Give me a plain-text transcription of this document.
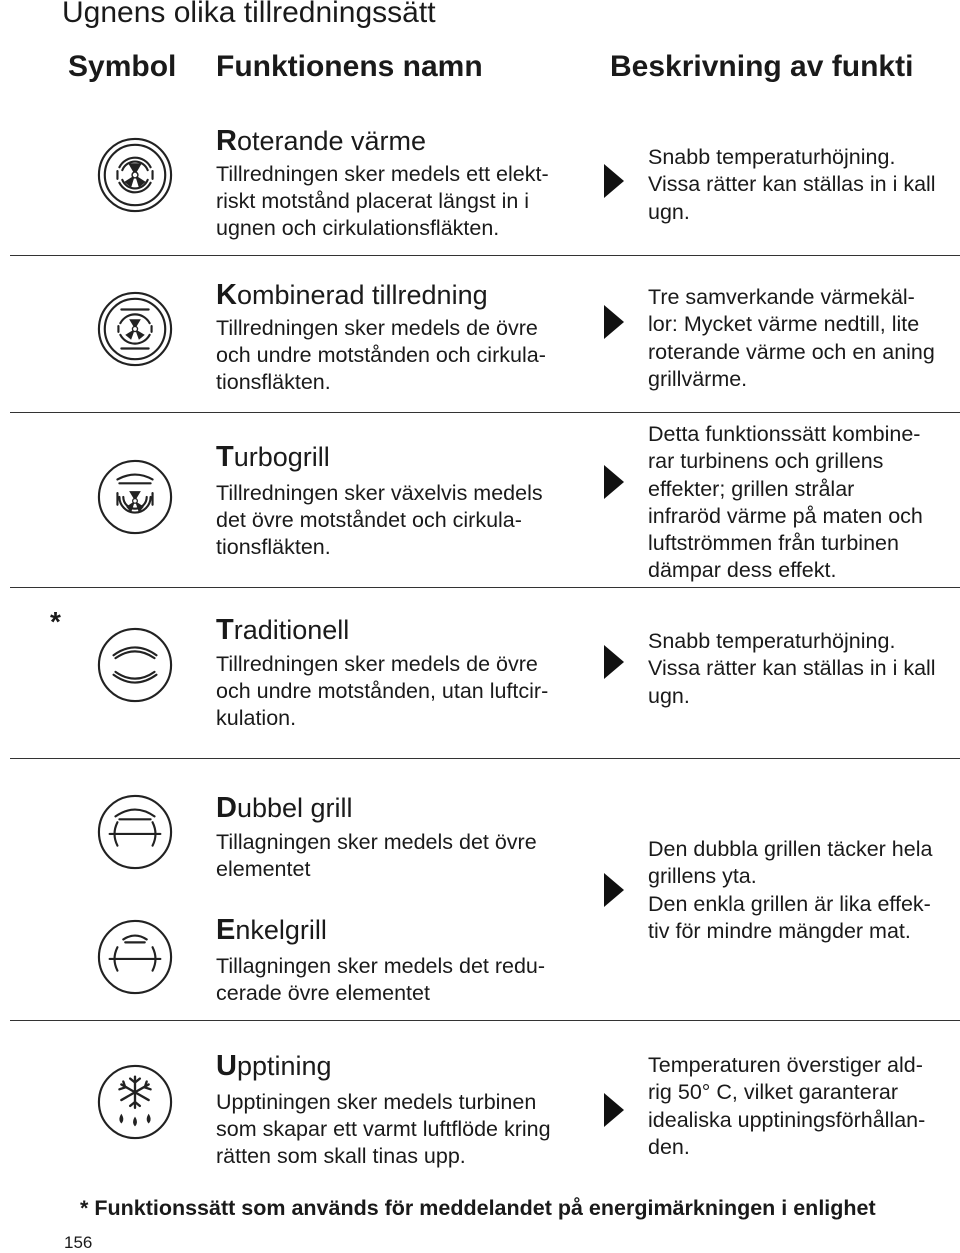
Ugnens olika tillredningssätt
Symbol Funktionens namn	Beskrivning av funkti
Roterande värme
Tillredningen sker medels ett elekt-
riskt motstånd placerat längst in i
ugnen och cirkulationsfläkten.
Snabb temperaturhöjning.
Vissa rätter kan ställas in i kall
ugn.
Kombinerad tillredning
Tillredningen sker medels de övre
och undre motstånden och cirkula-
tionsfläkten.
Tre samverkande värmekäl-
lor: Mycket värme nedtill, lite
roterande värme och en aning
grillvärme.
Turbogrill
Tillredningen sker växelvis medels
det övre motståndet och cirkula-
tionsfläkten.
Detta funktionssätt kombine-
rar turbinens och grillens
effekter; grillen strålar
infraröd värme på maten och
luftströmmen från turbinen
dämpar dess effekt.
*	Traditionell
Tillredningen sker medels de övre
och undre motstånden, utan luftcir-
kulation.
Snabb temperaturhöjning.
Vissa rätter kan ställas in i kall
ugn.
Dubbel grill
Tillagningen sker medels det övre
elementet
Enkelgrill
Tillagningen sker medels det redu-
cerade övre elementet
Den dubbla grillen täcker hela
grillens yta.
Den enkla grillen är lika effek-
tiv för mindre mängder mat.
Upptining
Upptiningen sker medels turbinen
som skapar ett varmt luftflöde kring
rätten som skall tinas upp.
Temperaturen överstiger ald-
rig 50° C, vilket garanterar
idealiska upptiningsförhållan-
den.
* Funktionssätt som används för meddelandet på energimärkningen i enlighet
156
